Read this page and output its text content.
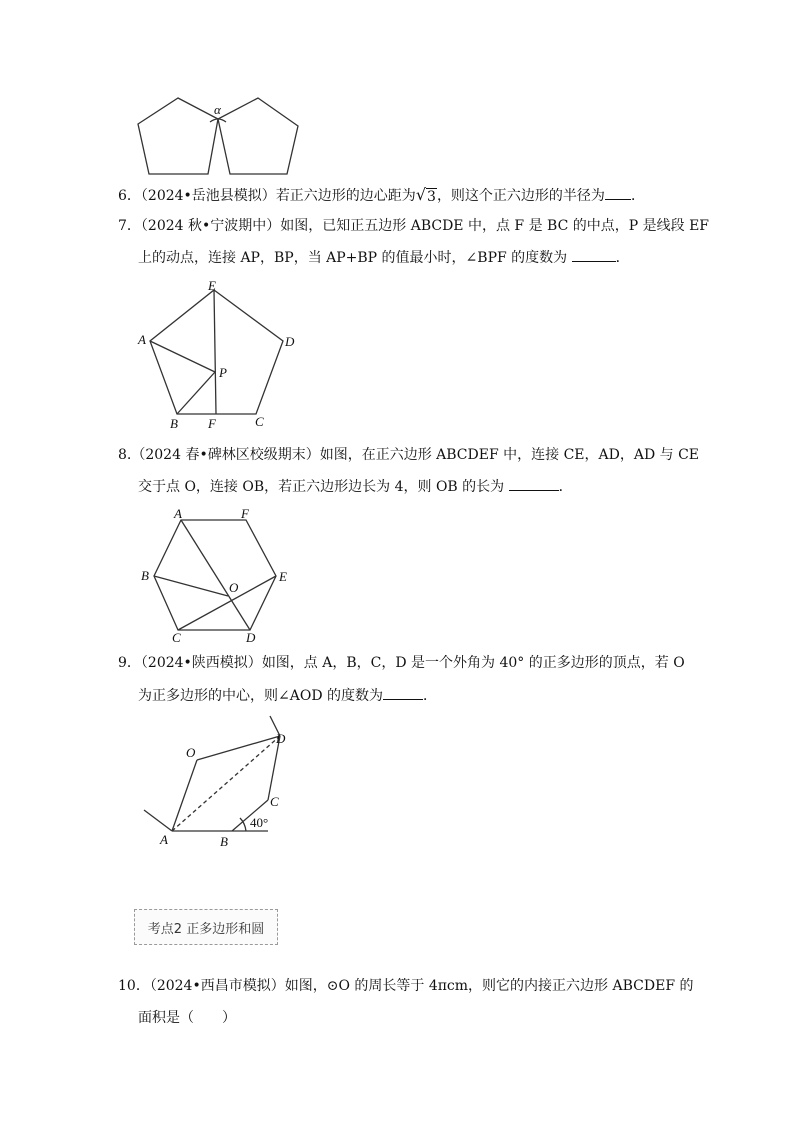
α
6．（2024•岳池县模拟）若正六边形的边心距为 √ 3 ，则这个正六边形的半径为 ．
7．（2024 秋•宁波期中）如图，已知正五边形 ABCDE 中，点 F 是 BC 的中点，P 是线段 EF
上的动点，连接 AP，BP，当 AP+BP 的值最小时，∠BPF 的度数为	．
E
A	D
P
B F	C
8.（2024 春•碑林区校级期末）如图，在正六边形 ABCDEF 中，连接 CE，AD，AD 与 CE
交于点 O，连接 OB，若正六边形边长为 4，则 OB 的长为	．
A	F
B
O
E
C	D
9．（2024•陕西模拟）如图，点 A，B，C，D 是一个外角为 40° 的正多边形的顶点，若 O
为正多边形的中心，则∠AOD 的度数为	．
O
D
C
40°
A	B
考点2 正多边形和圆
10．（2024•西昌市模拟）如图，⊙O 的周长等于 4πcm，则它的内接正六边形 ABCDEF 的
面积是（　　）
